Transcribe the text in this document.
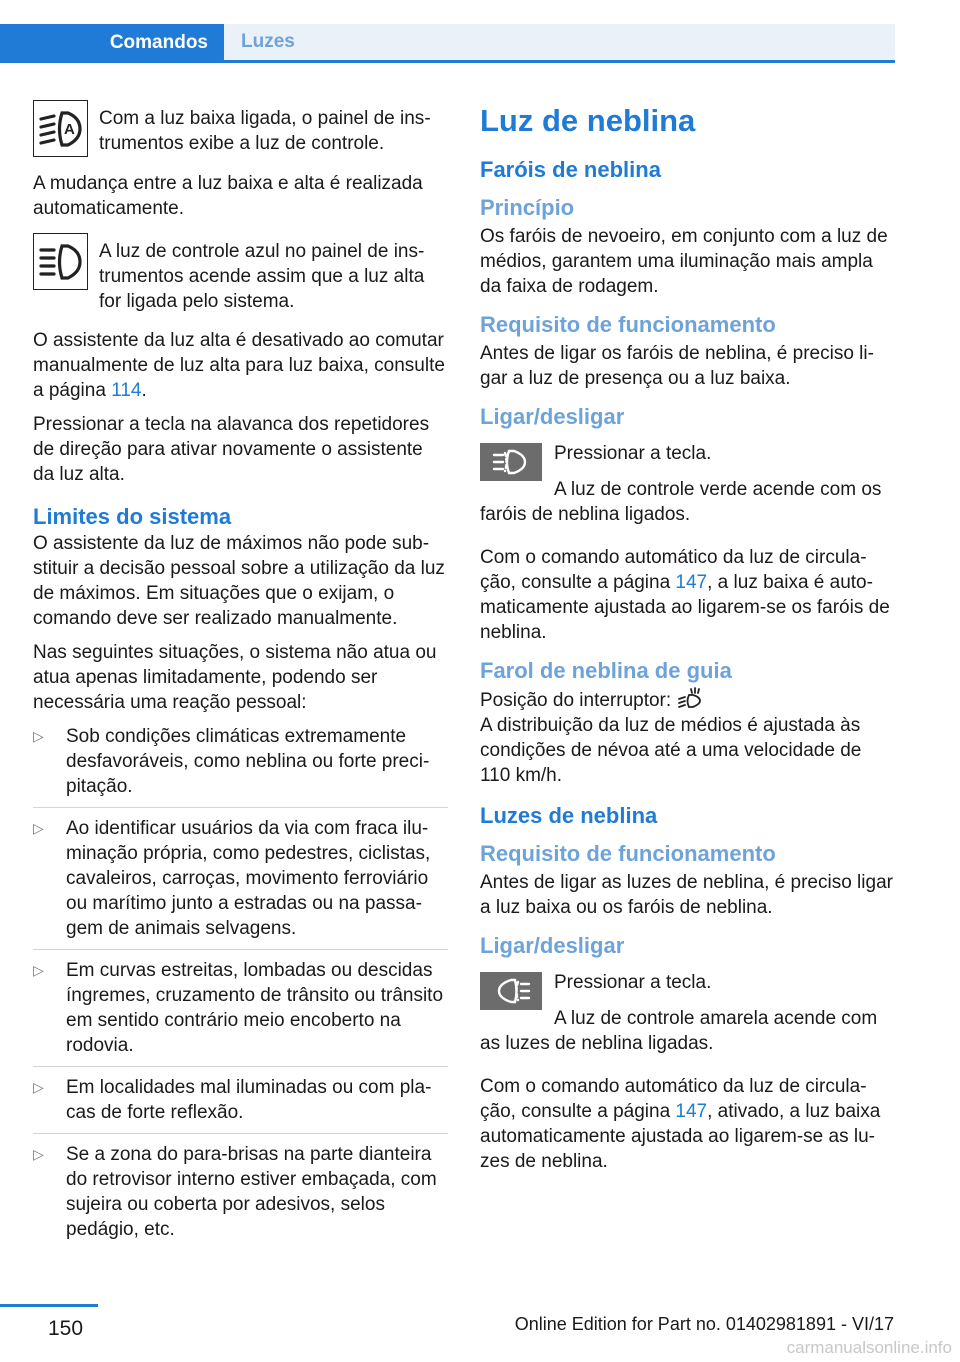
Comandos	Luzes
A Com a luz baixa ligada, o painel de instrumentos exibe a luz de controle.

A mudança entre a luz baixa e alta é realizada automaticamente.

A luz de controle azul no painel de instrumentos acende assim que a luz alta for ligada pelo sistema.

O assistente da luz alta é desativado ao comutar manualmente de luz alta para luz baixa, consulte a página 114.

Pressionar a tecla na alavanca dos repetidores de direção para ativar novamente o assistente da luz alta.

Limites do sistema

O assistente da luz de máximos não pode substituir a decisão pessoal sobre a utilização da luz de máximos. Em situações que o exijam, o comando deve ser realizado manualmente.

Nas seguintes situações, o sistema não atua ou atua apenas limitadamente, podendo ser necessária uma reação pessoal:

▷ Sob condições climáticas extremamente desfavoráveis, como neblina ou forte precipitação.
▷ Ao identificar usuários da via com fraca iluminação própria, como pedestres, ciclistas, cavaleiros, carroças, movimento ferroviário ou marítimo junto a estradas ou na passagem de animais selvagens.
▷ Em curvas estreitas, lombadas ou descidas íngremes, cruzamento de trânsito ou trânsito em sentido contrário meio encoberto na rodovia.
▷ Em localidades mal iluminadas ou com placas de forte reflexão.
▷ Se a zona do para-brisas na parte dianteira do retrovisor interno estiver embaçada, com sujeira ou coberta por adesivos, selos pedágio, etc.
Luz de neblina
Faróis de neblina
Princípio

Os faróis de nevoeiro, em conjunto com a luz de médios, garantem uma iluminação mais ampla da faixa de rodagem.

Requisito de funcionamento

Antes de ligar os faróis de neblina, é preciso ligar a luz de presença ou a luz baixa.

Ligar/desligar

Pressionar a tecla.

A luz de controle verde acende com os faróis de neblina ligados.

Com o comando automático da luz de circulação, consulte a página 147, a luz baixa é automaticamente ajustada ao ligarem-se os faróis de neblina.

Farol de neblina de guia

Posição do interruptor:

A distribuição da luz de médios é ajustada às condições de névoa até a uma velocidade de 110 km/h.

Luzes de neblina
Requisito de funcionamento

Antes de ligar as luzes de neblina, é preciso ligar a luz baixa ou os faróis de neblina.

Ligar/desligar

Pressionar a tecla.

A luz de controle amarela acende com as luzes de neblina ligadas.

Com o comando automático da luz de circulação, consulte a página 147, ativado, a luz baixa automaticamente ajustada ao ligarem-se as luzes de neblina.

150	Online Edition for Part no. 01402981891 - VI/17
carmanualsonline.info
